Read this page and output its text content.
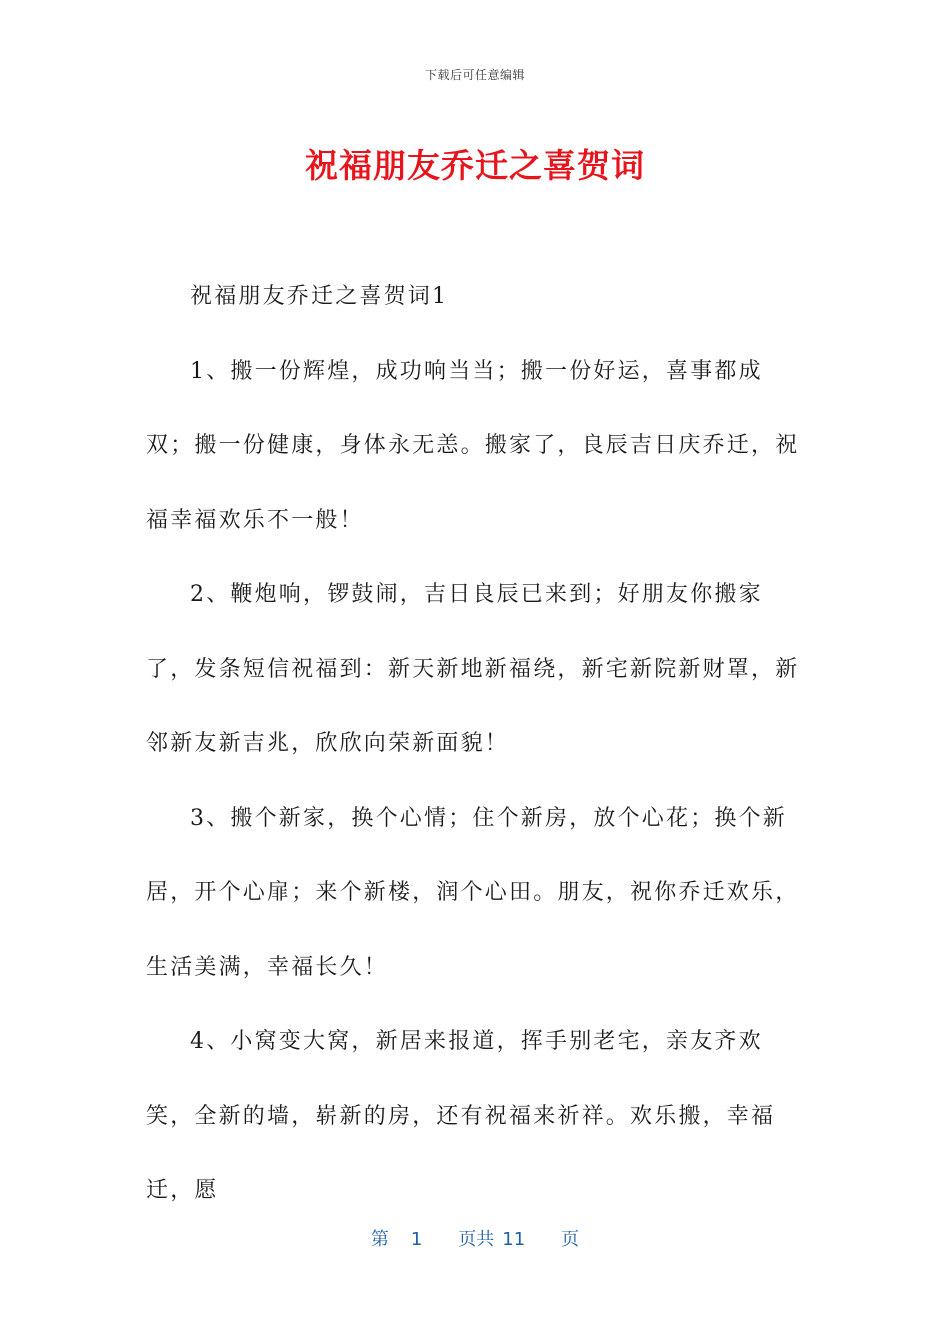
下载后可任意编辑
祝福朋友乔迁之喜贺词

祝福朋友乔迁之喜贺词1

1、搬一份辉煌，成功响当当；搬一份好运，喜事都成双；搬一份健康，身体永无恙。搬家了，良辰吉日庆乔迁，祝福幸福欢乐不一般！

2、鞭炮响，锣鼓闹，吉日良辰已来到；好朋友你搬家了，发条短信祝福到：新天新地新福绕，新宅新院新财罩，新邻新友新吉兆，欣欣向荣新面貌！

3、搬个新家，换个心情；住个新房，放个心花；换个新居，开个心扉；来个新楼，润个心田。朋友，祝你乔迁欢乐，生活美满，幸福长久！

4、小窝变大窝，新居来报道，挥手别老宅，亲友齐欢笑，全新的墙，崭新的房，还有祝福来祈祥。欢乐搬，幸福迁，愿

第 1 页共 11 页
